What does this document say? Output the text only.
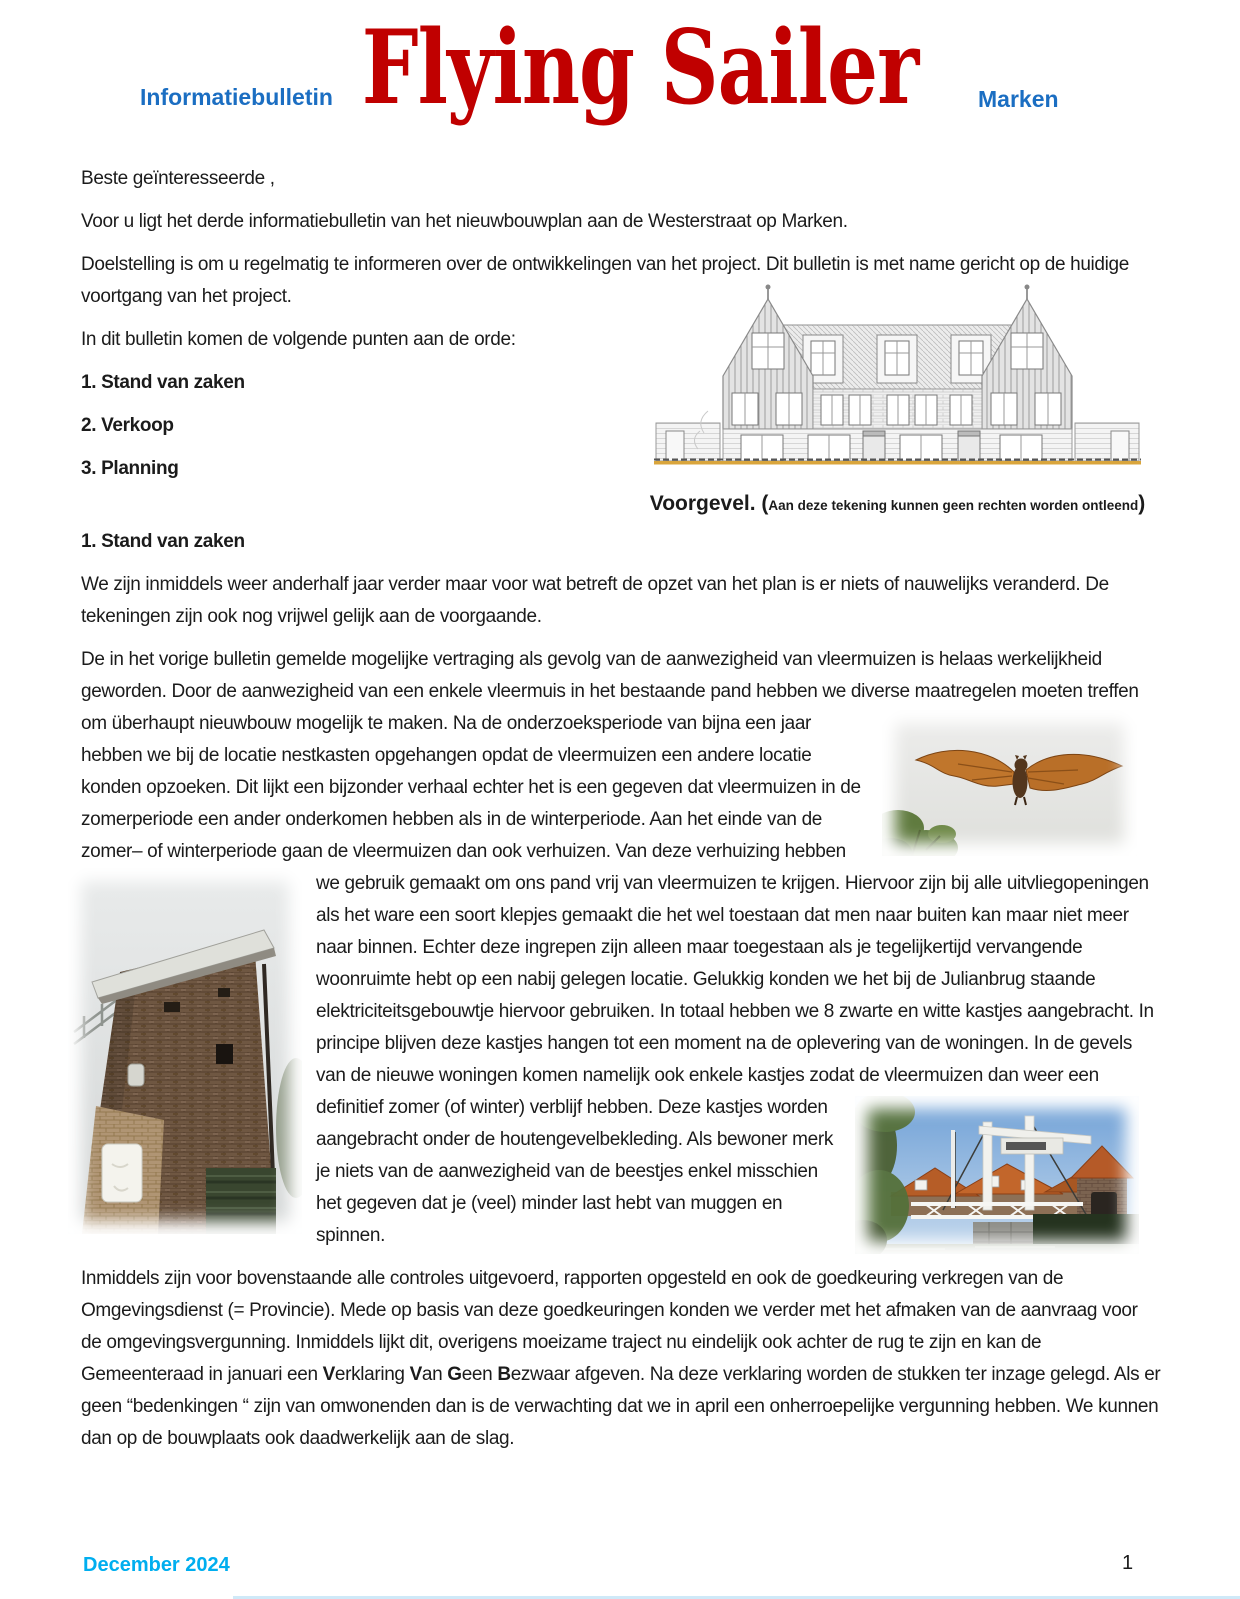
Informatiebulletin Flying Sailer	Marken
Voorgevel. (Aan deze tekening kunnen geen rechten worden ontleend)

Beste geïnteresseerde ,

Voor u ligt het derde informatiebulletin van het nieuwbouwplan aan de Westerstraat op Marken.

Doelstelling is om u regelmatig te informeren over de ontwikkelingen van het project. Dit bulletin is met name gericht op de huidige voortgang van het project.

In dit bulletin komen de volgende punten aan de orde:

1. Stand van zaken

2. Verkoop

3. Planning

1. Stand van zaken

We zijn inmiddels weer anderhalf jaar verder maar voor wat betreft de opzet van het plan is er niets of nauwelijks veranderd. De tekeningen zijn ook nog vrijwel gelijk aan de voorgaande.

De in het vorige bulletin gemelde mogelijke vertraging als gevolg van de aanwezigheid van vleermuizen is helaas werkelijkheid geworden. Door de aanwezigheid van een enkele vleermuis in het bestaande pand hebben we diverse maatregelen moeten treffen om überhaupt nieuwbouw mogelijk te maken. Na de onderzoeksperiode van bijna een
jaar hebben we bij de locatie nestkasten opgehangen opdat de vleermuizen een andere locatie konden opzoeken. Dit lijkt een bijzonder verhaal echter het is een gegeven dat vleermuizen in de zomerperiode een ander onderkomen hebben als in de winterperiode. Aan het einde van de zomer– of winterperiode gaan de vleermuizen dan ook verhuizen. Van deze verhuizing hebben
we gebruik gemaakt om ons pand vrij van vleermuizen te krijgen. Hiervoor zijn bij alle uitvliegopeningen als het ware een soort klepjes gemaakt die het wel toestaan dat men naar buiten kan maar niet meer naar binnen. Echter deze ingrepen zijn alleen maar toegestaan als je tegelijkertijd vervangende woonruimte hebt op een nabij gelegen locatie. Gelukkig konden we het bij de Julianbrug staande elektriciteitsgebouwtje hiervoor gebruiken. In totaal hebben we 8 zwarte en witte kastjes aangebracht. In principe blijven deze kastjes hangen tot een moment na de oplevering van de woningen. In de gevels van de nieuwe woningen komen namelijk ook enkele kastjes zodat de
vleermuizen dan weer een definitief zomer (of winter) verblijf hebben. Deze kastjes worden aangebracht onder de houtengevelbekleding. Als bewoner merk je niets van de aanwezigheid van de beestjes enkel misschien het gegeven dat je (veel) minder last hebt van muggen en spinnen.

Inmiddels zijn voor bovenstaande alle controles uitgevoerd, rapporten opgesteld en ook de goedkeuring verkregen van de Omgevingsdienst (= Provincie). Mede op basis van deze goedkeuringen konden we verder met het afmaken van de aanvraag voor de omgevingsvergunning. Inmiddels lijkt dit, overigens moeizame traject nu eindelijk ook achter de rug te zijn en kan de Gemeenteraad in januari een Verklaring Van Geen Bezwaar afgeven. Na deze verklaring worden de stukken ter inzage gelegd. Als er geen “bedenkingen “ zijn van omwonenden dan is de verwachting dat we in april een onherroepelijke vergunning hebben. We kunnen dan op de bouwplaats ook daadwerkelijk aan de slag.

December 2024	1
